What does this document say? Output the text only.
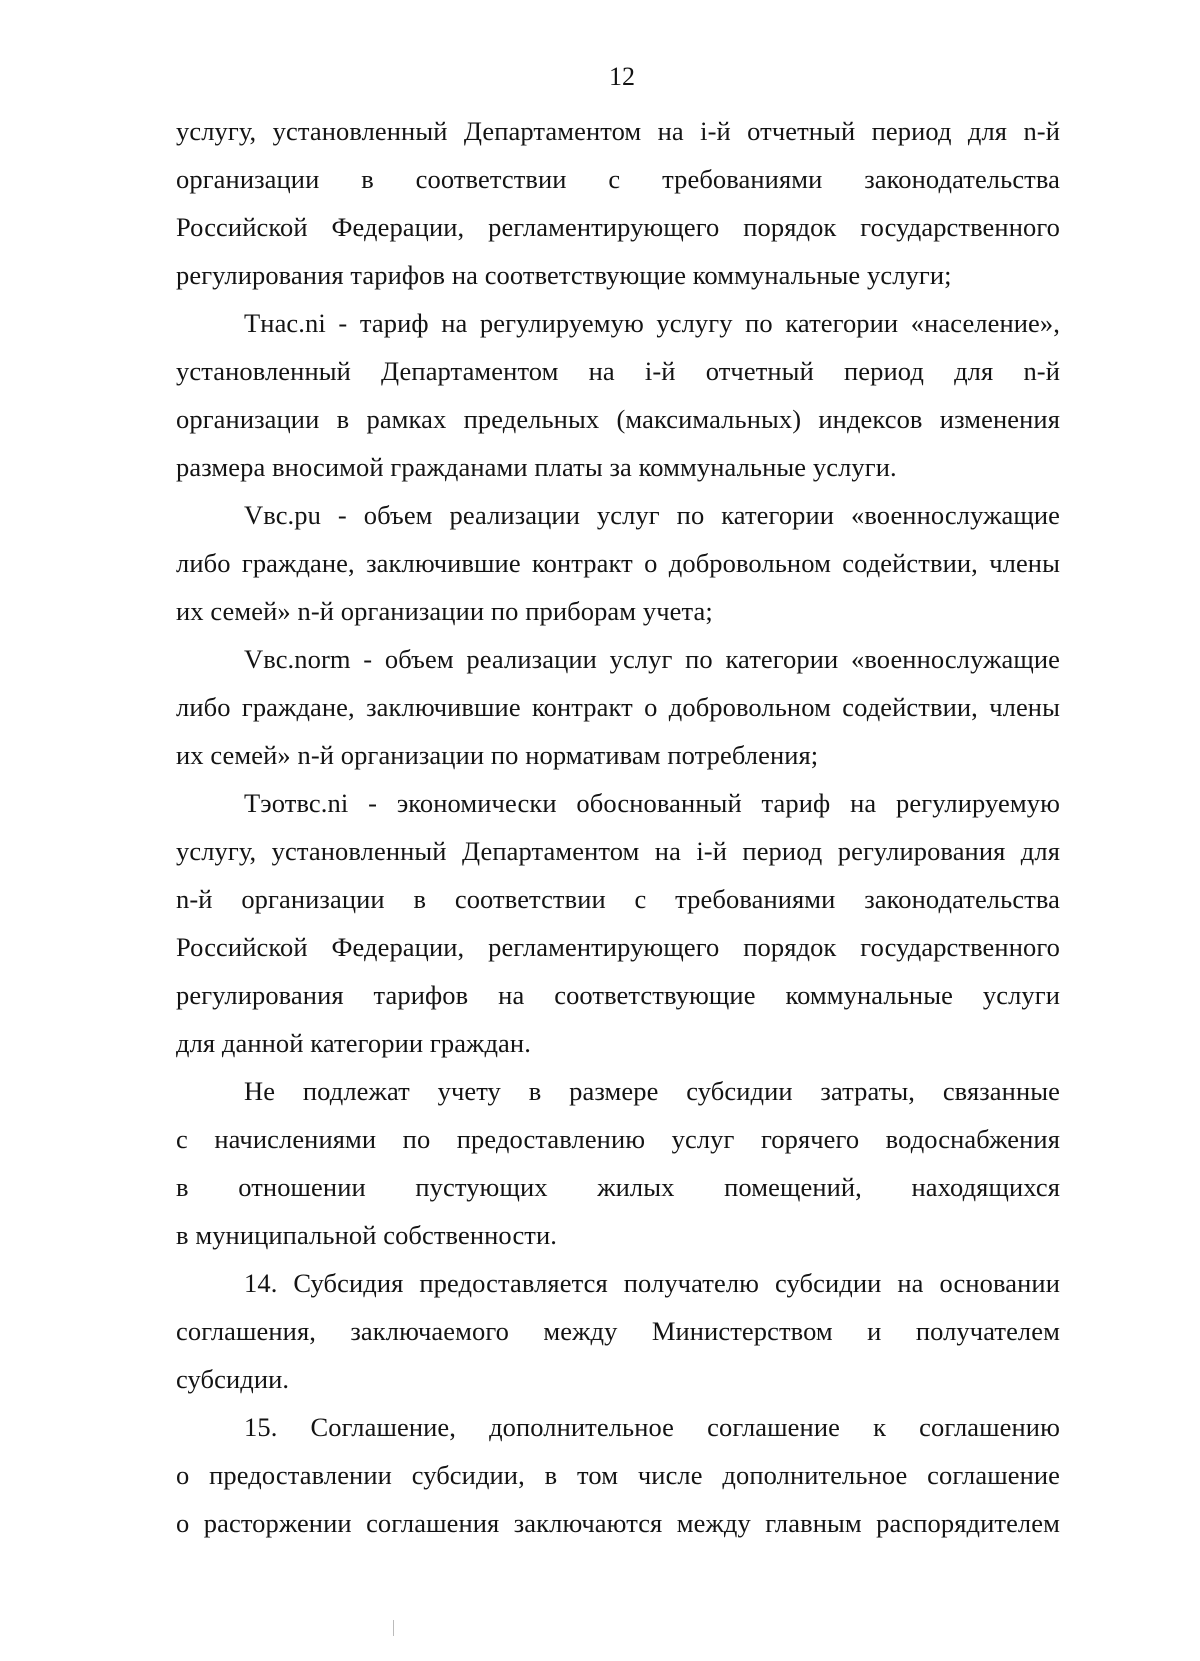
12
услугу, установленный Департаментом на i-й отчетный период для n-й
организации в соответствии с требованиями законодательства
Российской Федерации, регламентирующего порядок государственного
регулирования тарифов на соответствующие коммунальные услуги;
Тнас.ni - тариф на регулируемую услугу по категории «население»,
установленный Департаментом на i-й отчетный период для n-й
организации в рамках предельных (максимальных) индексов изменения
размера вносимой гражданами платы за коммунальные услуги.
Vвс.pu - объем реализации услуг по категории «военнослужащие
либо граждане, заключившие контракт о добровольном содействии, члены
их семей» n-й организации по приборам учета;
Vвс.norm - объем реализации услуг по категории «военнослужащие
либо граждане, заключившие контракт о добровольном содействии, члены
их семей» n-й организации по нормативам потребления;
Тэотвс.ni - экономически обоснованный тариф на регулируемую
услугу, установленный Департаментом на i-й период регулирования для
n-й организации в соответствии с требованиями законодательства
Российской Федерации, регламентирующего порядок государственного
регулирования тарифов на соответствующие коммунальные услуги
для данной категории граждан.
Не подлежат учету в размере субсидии затраты, связанные
с начислениями по предоставлению услуг горячего водоснабжения
в отношении пустующих жилых помещений, находящихся
в муниципальной собственности.
14. Субсидия предоставляется получателю субсидии на основании
соглашения, заключаемого между Министерством и получателем
субсидии.
15. Соглашение, дополнительное соглашение к соглашению
о предоставлении субсидии, в том числе дополнительное соглашение
о расторжении соглашения заключаются между главным распорядителем
